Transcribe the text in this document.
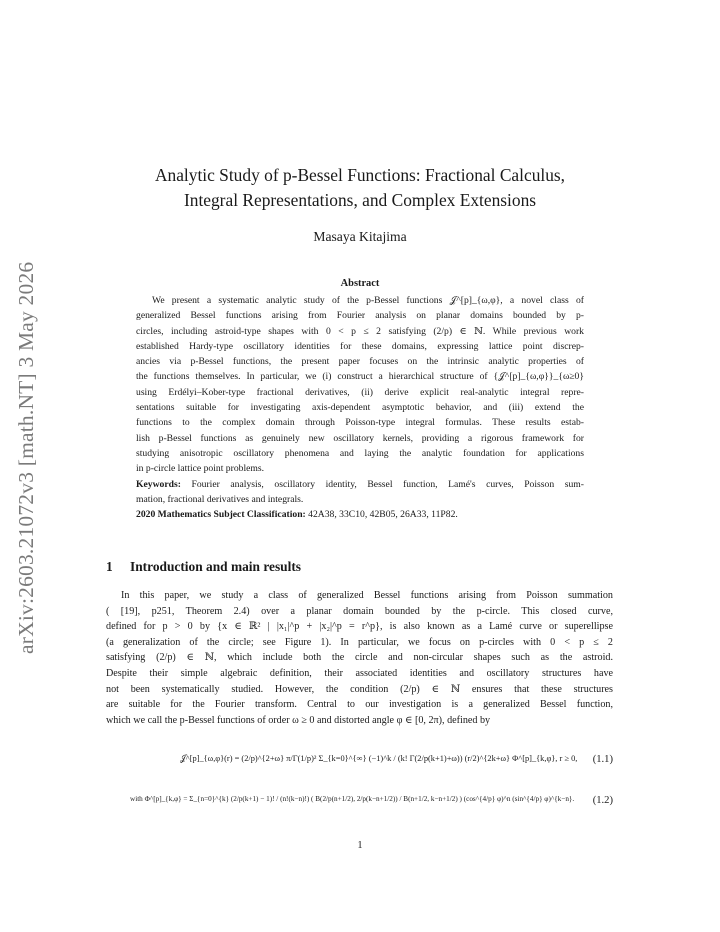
arXiv:2603.21072v3 [math.NT] 3 May 2026
Analytic Study of p-Bessel Functions: Fractional Calculus,
Integral Representations, and Complex Extensions
Masaya Kitajima
Abstract
We present a systematic analytic study of the p-Bessel functions 𝒥^[p]_{ω,φ}, a novel class of
generalized Bessel functions arising from Fourier analysis on planar domains bounded by p-
circles, including astroid-type shapes with 0 < p ≤ 2 satisfying (2/p) ∈ ℕ. While previous work
established Hardy-type oscillatory identities for these domains, expressing lattice point discrep-
ancies via p-Bessel functions, the present paper focuses on the intrinsic analytic properties of
the functions themselves. In particular, we (i) construct a hierarchical structure of {𝒥^[p]_{ω,φ}}_{ω≥0}
using Erdélyi–Kober-type fractional derivatives, (ii) derive explicit real-analytic integral repre-
sentations suitable for investigating axis-dependent asymptotic behavior, and (iii) extend the
functions to the complex domain through Poisson-type integral formulas. These results estab-
lish p-Bessel functions as genuinely new oscillatory kernels, providing a rigorous framework for
studying anisotropic oscillatory phenomena and laying the analytic foundation for applications
in p-circle lattice point problems.
Keywords: Fourier analysis, oscillatory identity, Bessel function, Lamé's curves, Poisson sum-
mation, fractional derivatives and integrals.
2020 Mathematics Subject Classification: 42A38, 33C10, 42B05, 26A33, 11P82.
1 Introduction and main results
In this paper, we study a class of generalized Bessel functions arising from Poisson summation
( [19], p251, Theorem 2.4) over a planar domain bounded by the p-circle. This closed curve,
defined for p > 0 by {x ∈ ℝ² | |x₁|^p + |x₂|^p = r^p}, is also known as a Lamé curve or superellipse
(a generalization of the circle; see Figure 1). In particular, we focus on p-circles with 0 < p ≤ 2
satisfying (2/p) ∈ ℕ, which include both the circle and non-circular shapes such as the astroid.
Despite their simple algebraic definition, their associated identities and oscillatory structures have
not been systematically studied. However, the condition (2/p) ∈ ℕ ensures that these structures
are suitable for the Fourier transform. Central to our investigation is a generalized Bessel function,
which we call the p-Bessel functions of order ω ≥ 0 and distorted angle φ ∈ [0, 2π), defined by
𝒥^[p]_{ω,φ}(r) = (2/p)^{2+ω} π/Γ(1/p)² Σ_{k=0}^{∞} (−1)^k / (k! Γ(2/p(k+1)+ω)) (r/2)^{2k+ω} Φ^[p]_{k,φ}, r ≥ 0, (1.1)
with Φ^[p]_{k,φ} = Σ_{n=0}^{k} (2/p(k+1) − 1)! / (n!(k−n)!) ( B(2/p(n+1/2), 2/p(k−n+1/2)) / B(n+1/2, k−n+1/2) ) (cos^{4/p} φ)^n (sin^{4/p} φ)^{k−n}. (1.2)
1
